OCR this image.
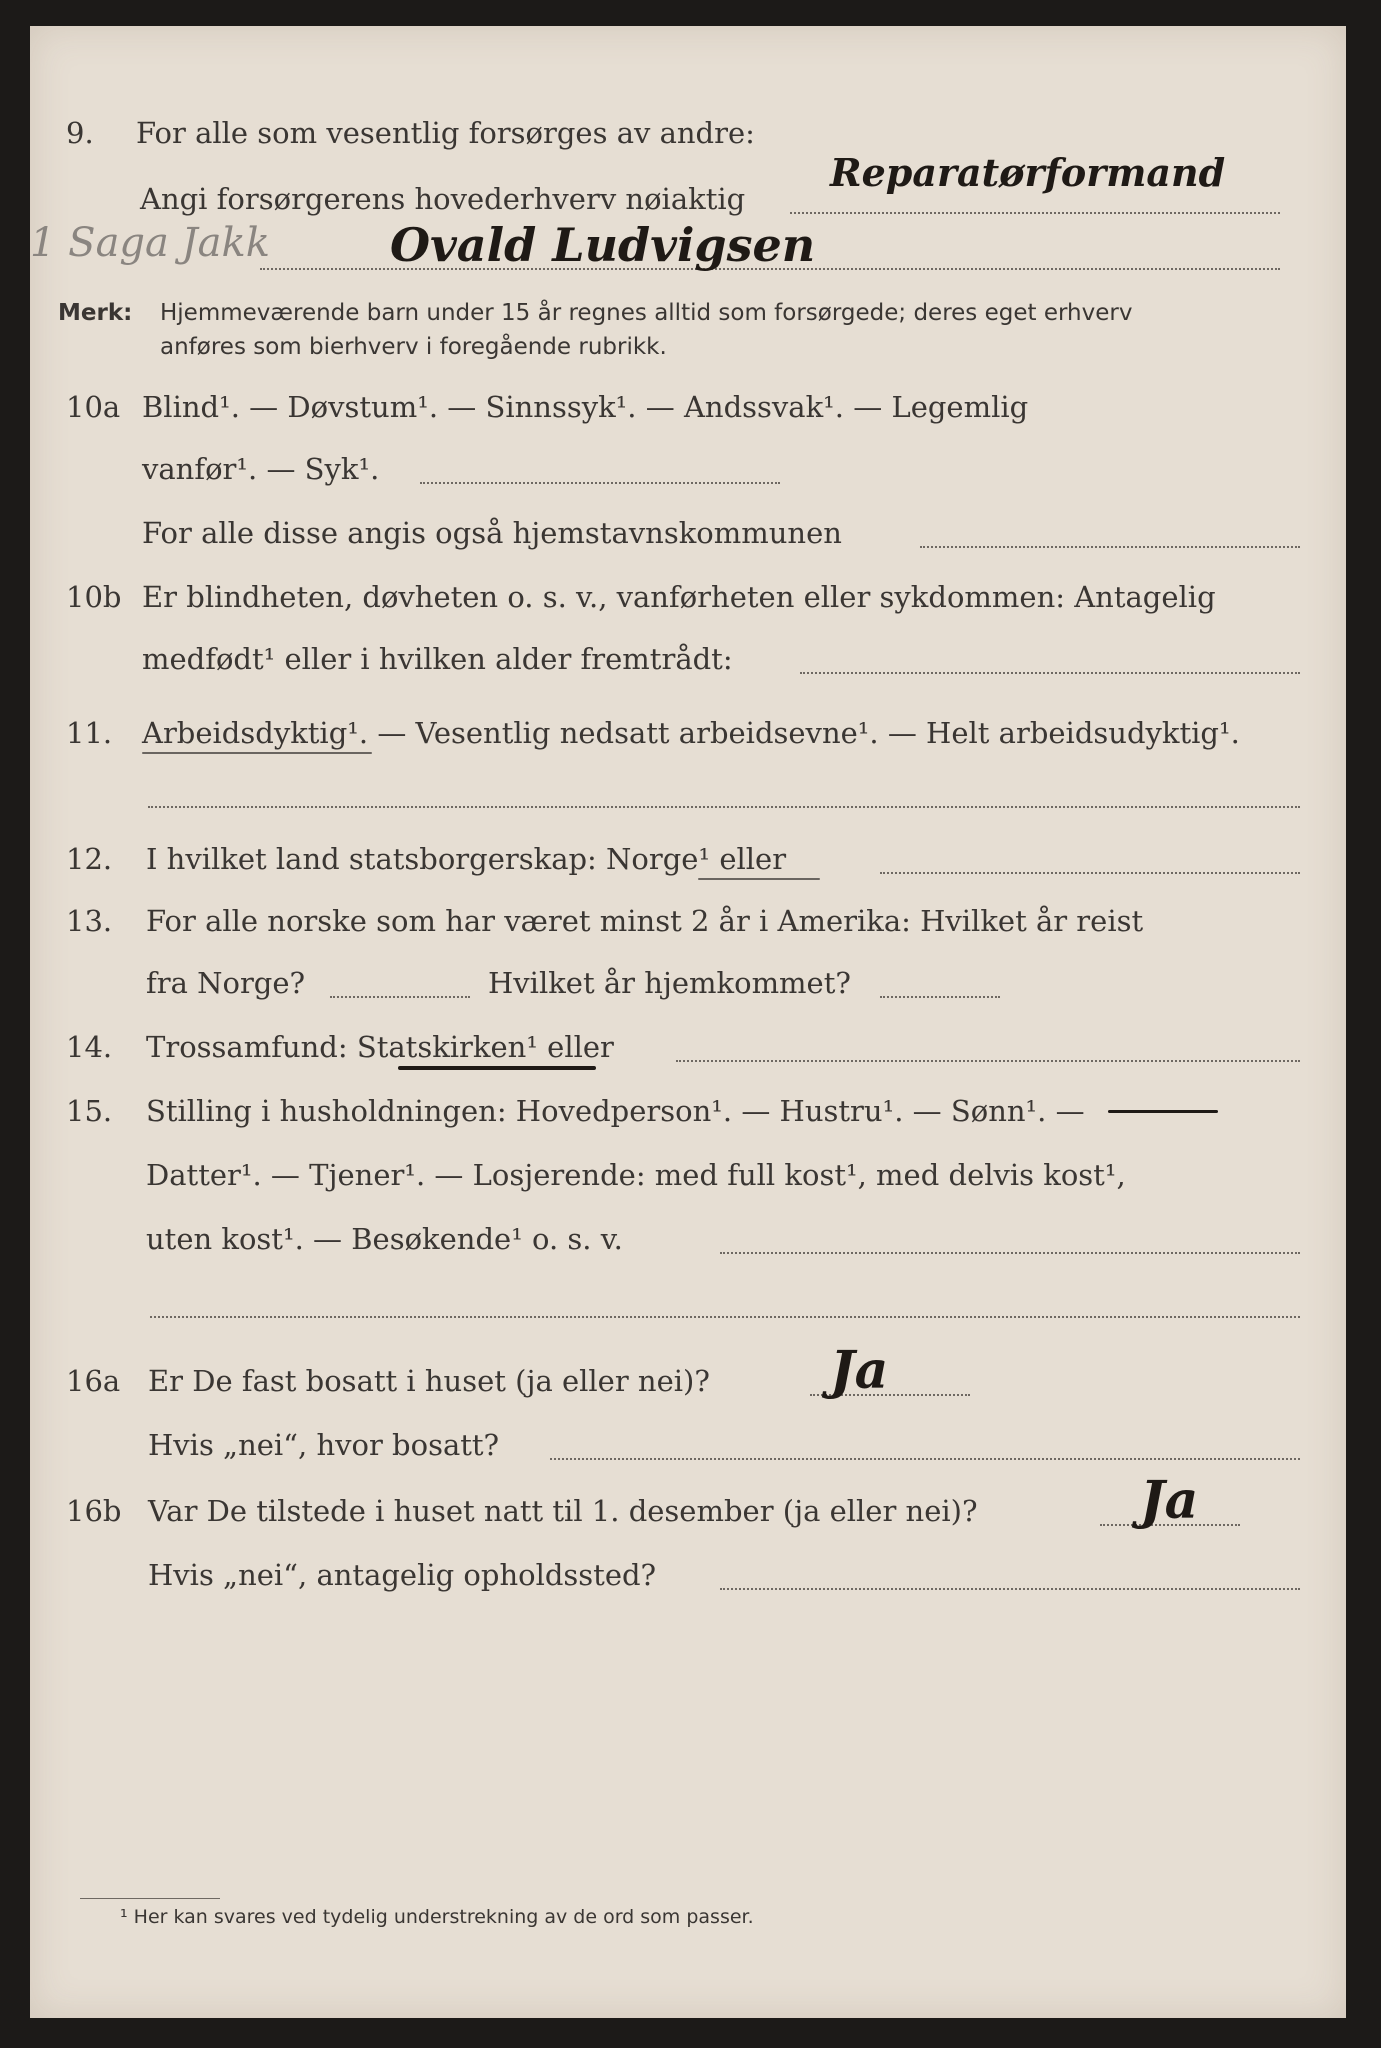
9. For alle som vesentlig forsørges av andre:
Angi forsørgerens hovederhverv nøiaktig
Reparatørformand
1 Saga Jakk	Ovald Ludvigsen
Merk: Hjemmeværende barn under 15 år regnes alltid som forsørgede; deres eget erhverv
anføres som bierhverv i foregående rubrikk.
10a Blind¹. — Døvstum¹. — Sinnssyk¹. — Andssvak¹. — Legemlig
vanfør¹. — Syk¹.
For alle disse angis også hjemstavnskommunen
10b Er blindheten, døvheten o. s. v., vanførheten eller sykdommen: Antagelig
medfødt¹ eller i hvilken alder fremtrådt:
11. Arbeidsdyktig¹. — Vesentlig nedsatt arbeidsevne¹. — Helt arbeidsudyktig¹.
12. I hvilket land statsborgerskap: Norge¹ eller
13. For alle norske som har været minst 2 år i Amerika: Hvilket år reist
fra Norge?	Hvilket år hjemkommet?
14. Trossamfund: Statskirken¹ eller
15. Stilling i husholdningen: Hovedperson¹. — Hustru¹. — Sønn¹. —
Datter¹. — Tjener¹. — Losjerende: med full kost¹, med delvis kost¹,
uten kost¹. — Besøkende¹ o. s. v.
16a Er De fast bosatt i huset (ja eller nei)? Ja
Hvis „nei“, hvor bosatt?
16b Var De tilstede i huset natt til 1. desember (ja eller nei)?	Ja
Hvis „nei“, antagelig opholdssted?
¹ Her kan svares ved tydelig understrekning av de ord som passer.
